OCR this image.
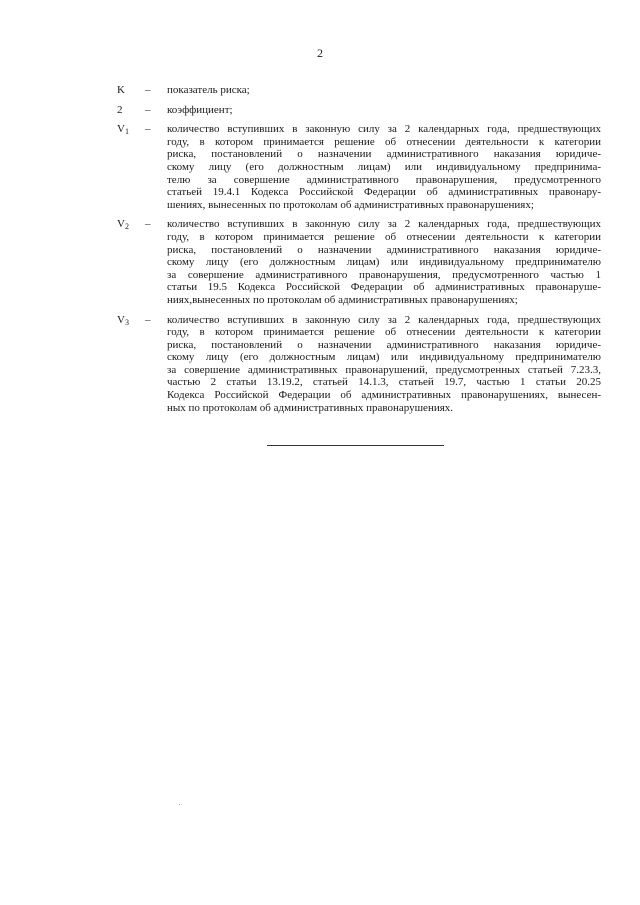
2
K	–	показатель риска;
2	–	коэффициент;
$V_1$	–	количество вступивших в законную силу за 2 календарных года, предшествующих
году, в котором принимается решение об отнесении деятельности к категории
риска, постановлений о назначении административного наказания юридиче-
скому лицу (его должностным лицам) или индивидуальному предпринима-
телю за совершение административного правонарушения, предусмотренного
статьей 19.4.1 Кодекса Российской Федерации об административных правонару-
шениях, вынесенных по протоколам об административных правонарушениях;
$V_2$	–	количество вступивших в законную силу за 2 календарных года, предшествующих
году, в котором принимается решение об отнесении деятельности к категории
риска, постановлений о назначении административного наказания юридиче-
скому лицу (его должностным лицам) или индивидуальному предпринимателю
за совершение административного правонарушения, предусмотренного частью 1
статьи 19.5 Кодекса Российской Федерации об административных правонаруше-
ниях,вынесенных по протоколам об административных правонарушениях;
$V_3$	–	количество вступивших в законную силу за 2 календарных года, предшествующих
году, в котором принимается решение об отнесении деятельности к категории
риска, постановлений о назначении административного наказания юридиче-
скому лицу (его должностным лицам) или индивидуальному предпринимателю
за совершение административных правонарушений, предусмотренных статьей 7.23.3,
частью 2 статьи 13.19.2, статьей 14.1.3, статьей 19.7, частью 1 статьи 20.25
Кодекса Российской Федерации об административных правонарушениях, вынесен-
ных по протоколам об административных правонарушениях.
